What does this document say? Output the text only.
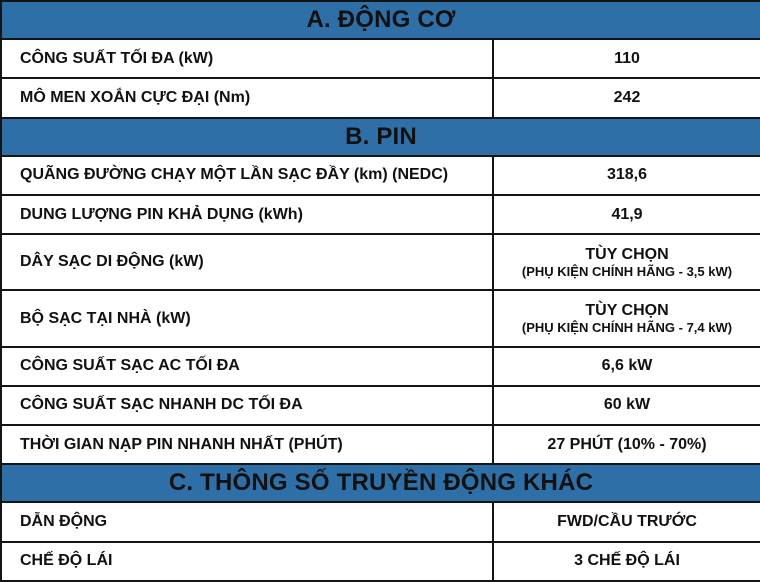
A. ĐỘNG CƠ	
CÔNG SUẤT TỐI ĐA (kW)	110
MÔ MEN XOẮN CỰC ĐẠI (Nm)	242
B. PIN	
QUÃNG ĐƯỜNG CHẠY MỘT LẦN SẠC ĐẦY (km) (NEDC)	318,6
DUNG LƯỢNG PIN KHẢ DỤNG (kWh)	41,9
DÂY SẠC DI ĐỘNG (kW)	TÙY CHỌN
(PHỤ KIỆN CHÍNH HÃNG - 3,5 kW)

BỘ SẠC TẠI NHÀ (kW)	TÙY CHỌN
(PHỤ KIỆN CHÍNH HÃNG - 7,4 kW)

CÔNG SUẤT SẠC AC TỐI ĐA	6,6 kW
CÔNG SUẤT SẠC NHANH DC TỐI ĐA	60 kW
THỜI GIAN NẠP PIN NHANH NHẤT (PHÚT)	27 PHÚT (10% - 70%)
C. THÔNG SỐ TRUYỀN ĐỘNG KHÁC	
DẪN ĐỘNG	FWD/CẦU TRƯỚC
CHẾ ĐỘ LÁI	3 CHẾ ĐỘ LÁI
